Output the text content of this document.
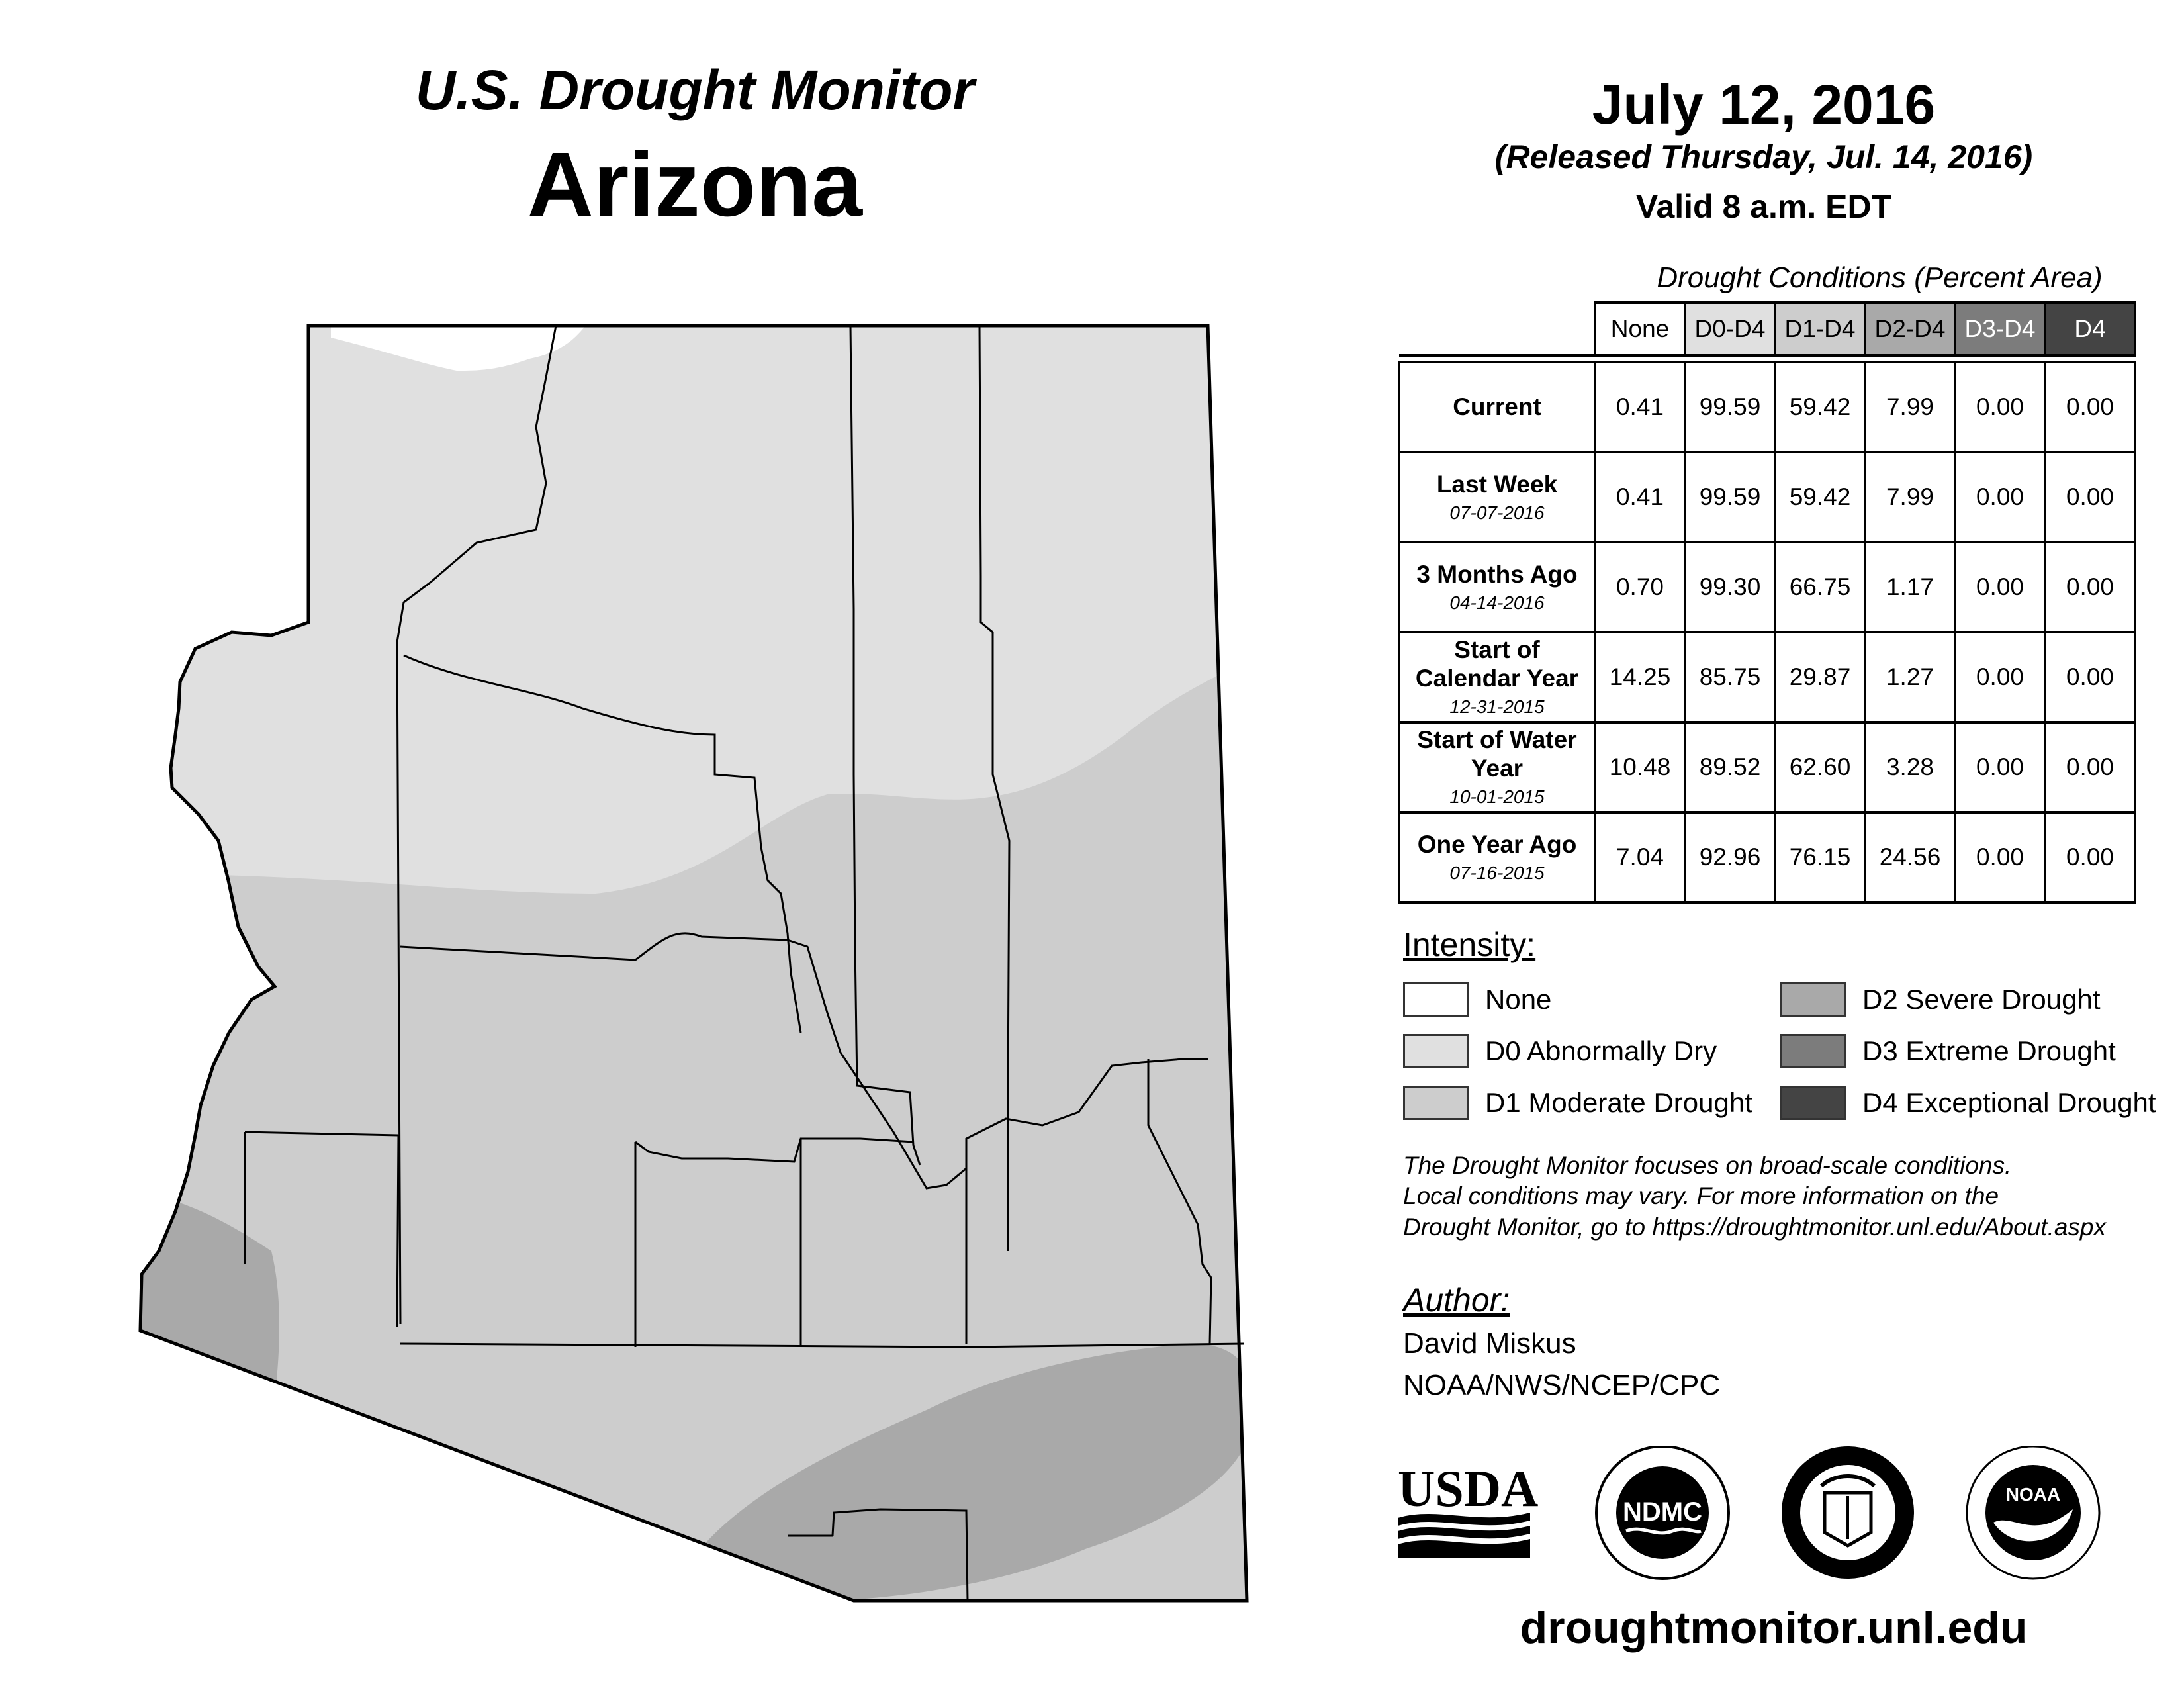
U.S. Drought Monitor
Arizona
July 12, 2016
(Released Thursday, Jul. 14, 2016)
Valid 8 a.m. EDT
Drought Conditions (Percent Area)
	None	D0-D4	D1-D4	D2-D4	D3-D4	D4

Current	0.41	99.59	59.42	7.99	0.00	0.00
Last Week
07-07-2016	0.41	99.59	59.42	7.99	0.00	0.00
3 Months Ago
04-14-2016	0.70	99.30	66.75	1.17	0.00	0.00
Start of Calendar Year
12-31-2015	14.25	85.75	29.87	1.27	0.00	0.00
Start of Water Year
10-01-2015	10.48	89.52	62.60	3.28	0.00	0.00
One Year Ago
07-16-2015	7.04	92.96	76.15	24.56	0.00	0.00
Intensity:
None
D0 Abnormally Dry
D1 Moderate Drought
D2 Severe Drought
D3 Extreme Drought
D4 Exceptional Drought
The Drought Monitor focuses on broad-scale conditions.
Local conditions may vary. For more information on the
Drought Monitor, go to https://droughtmonitor.unl.edu/About.aspx
Author:
David Miskus
NOAA/NWS/NCEP/CPC
USDA	NDMC
NOAA
droughtmonitor.unl.edu
